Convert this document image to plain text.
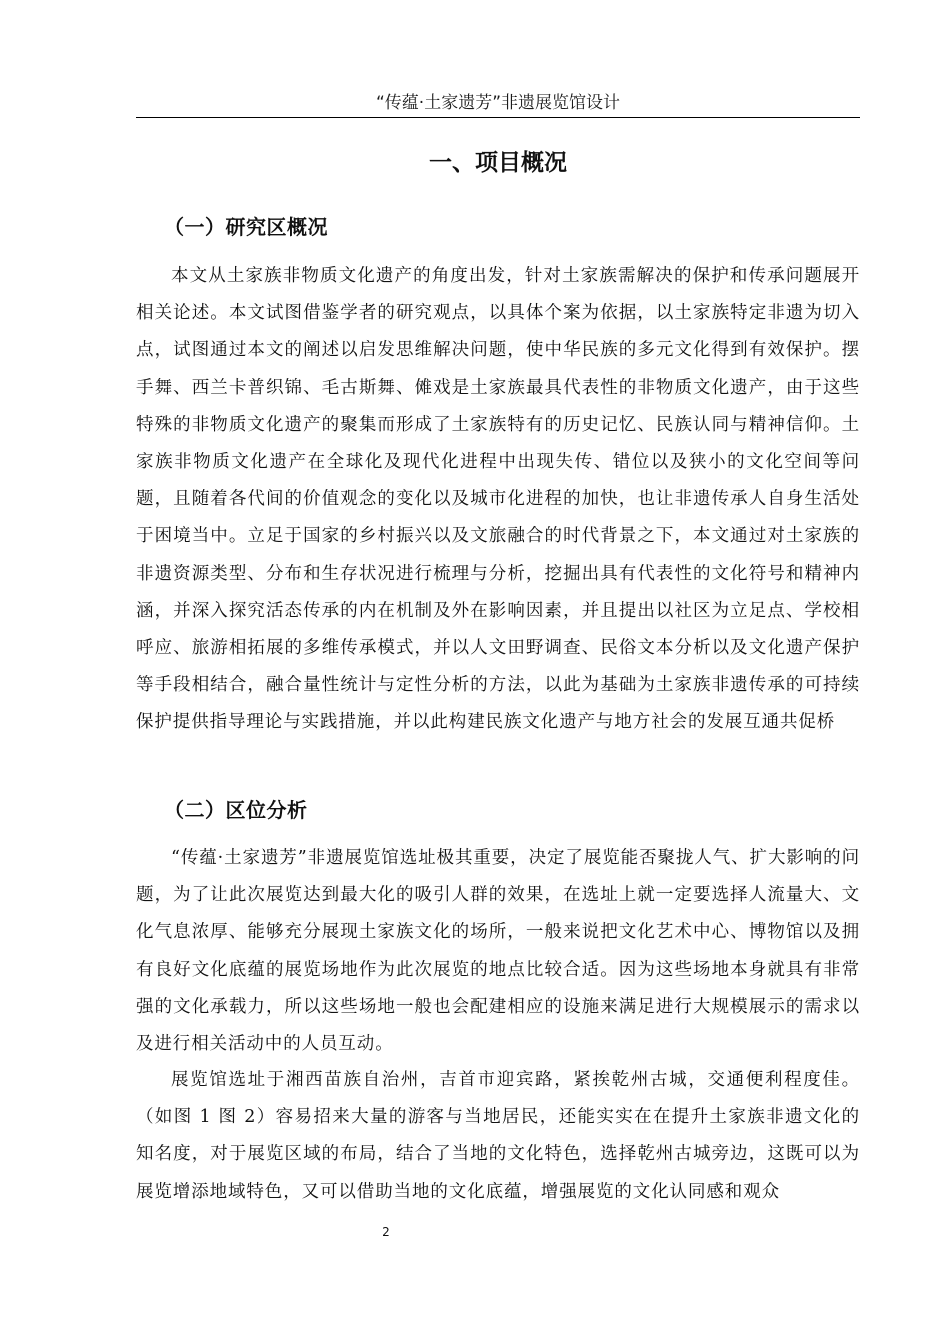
“传蕴·土家遗芳”非遗展览馆设计
一、项目概况
（一）研究区概况

本文从土家族非物质文化遗产的角度出发，针对土家族需解决的保护和传承问题展开相关论述。本文试图借鉴学者的研究观点，以具体个案为依据，以土家族特定非遗为切入点，试图通过本文的阐述以启发思维解决问题，使中华民族的多元文化得到有效保护。摆手舞、西兰卡普织锦、毛古斯舞、傩戏是土家族最具代表性的非物质文化遗产，由于这些特殊的非物质文化遗产的聚集而形成了土家族特有的历史记忆、民族认同与精神信仰。土家族非物质文化遗产在全球化及现代化进程中出现失传、错位以及狭小的文化空间等问题，且随着各代间的价值观念的变化以及城市化进程的加快，也让非遗传承人自身生活处于困境当中。立足于国家的乡村振兴以及文旅融合的时代背景之下，本文通过对土家族的非遗资源类型、分布和生存状况进行梳理与分析，挖掘出具有代表性的文化符号和精神内涵，并深入探究活态传承的内在机制及外在影响因素，并且提出以社区为立足点、学校相呼应、旅游相拓展的多维传承模式，并以人文田野调查、民俗文本分析以及文化遗产保护等手段相结合，融合量性统计与定性分析的方法，以此为基础为土家族非遗传承的可持续保护提供指导理论与实践措施，并以此构建民族文化遗产与地方社会的发展互通共促桥

（二）区位分析

“传蕴·土家遗芳”非遗展览馆选址极其重要，决定了展览能否聚拢人气、扩大影响的问题，为了让此次展览达到最大化的吸引人群的效果，在选址上就一定要选择人流量大、文化气息浓厚、能够充分展现土家族文化的场所，一般来说把文化艺术中心、博物馆以及拥有良好文化底蕴的展览场地作为此次展览的地点比较合适。因为这些场地本身就具有非常强的文化承载力，所以这些场地一般也会配建相应的设施来满足进行大规模展示的需求以及进行相关活动中的人员互动。

展览馆选址于湘西苗族自治州，吉首市迎宾路，紧挨乾州古城，交通便利程度佳。（如图 1 图 2）容易招来大量的游客与当地居民，还能实实在在提升土家族非遗文化的知名度，对于展览区域的布局，结合了当地的文化特色，选择乾州古城旁边，这既可以为展览增添地域特色，又可以借助当地的文化底蕴，增强展览的文化认同感和观众

2
